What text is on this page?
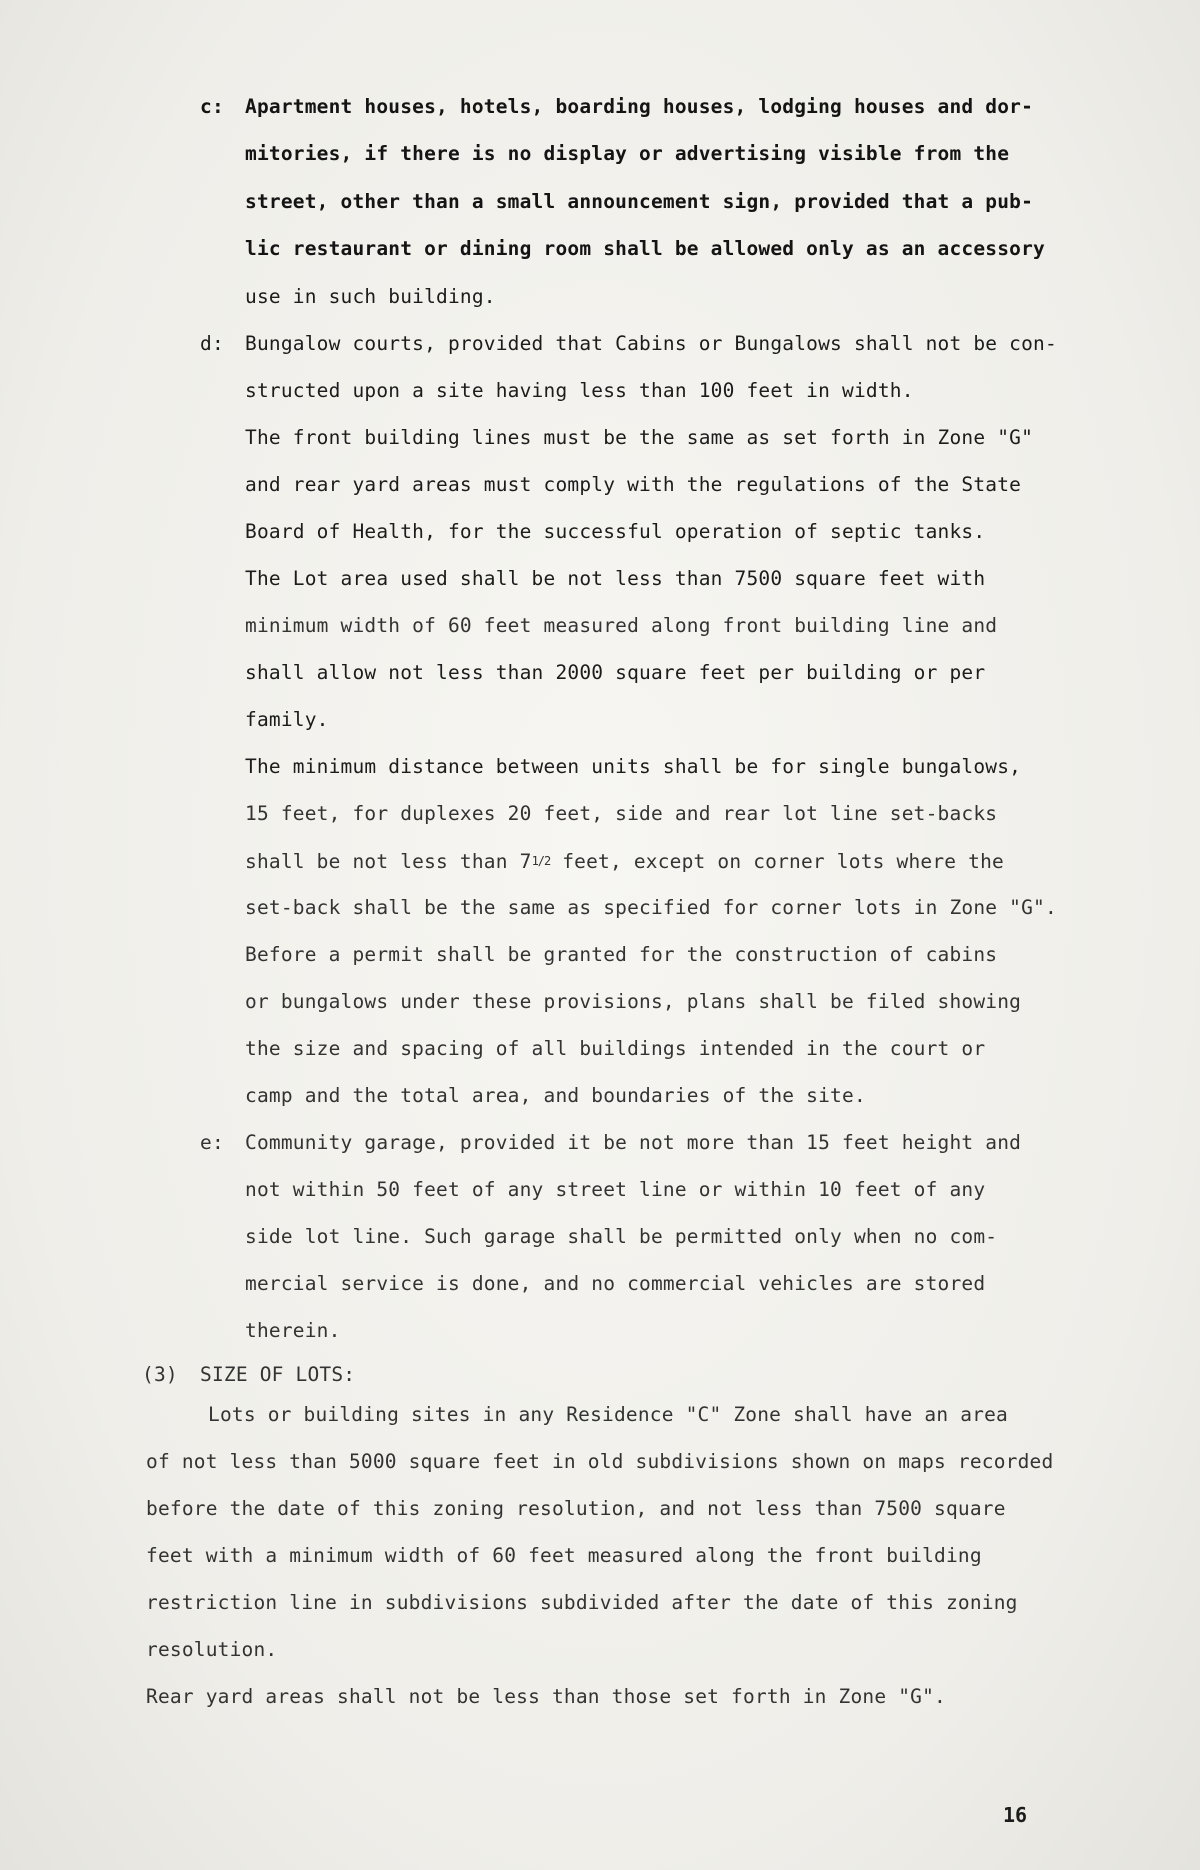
c: Apartment houses, hotels, boarding houses, lodging houses and dor-
mitories, if there is no display or advertising visible from the
street, other than a small announcement sign, provided that a pub-
lic restaurant or dining room shall be allowed only as an accessory
use in such building.
d: Bungalow courts, provided that Cabins or Bungalows shall not be con-
structed upon a site having less than 100 feet in width.
The front building lines must be the same as set forth in Zone "G"
and rear yard areas must comply with the regulations of the State
Board of Health, for the successful operation of septic tanks.
The Lot area used shall be not less than 7500 square feet with
minimum width of 60 feet measured along front building line and
shall allow not less than 2000 square feet per building or per
family.
The minimum distance between units shall be for single bungalows,
15 feet, for duplexes 20 feet, side and rear lot line set-backs
shall be not less than 71/2 feet, except on corner lots where the
set-back shall be the same as specified for corner lots in Zone "G".
Before a permit shall be granted for the construction of cabins
or bungalows under these provisions, plans shall be filed showing
the size and spacing of all buildings intended in the court or
camp and the total area, and boundaries of the site.
e: Community garage, provided it be not more than 15 feet height and
not within 50 feet of any street line or within 10 feet of any
side lot line. Such garage shall be permitted only when no com-
mercial service is done, and no commercial vehicles are stored
therein.
(3) SIZE OF LOTS:
Lots or building sites in any Residence "C" Zone shall have an area
of not less than 5000 square feet in old subdivisions shown on maps recorded
before the date of this zoning resolution, and not less than 7500 square
feet with a minimum width of 60 feet measured along the front building
restriction line in subdivisions subdivided after the date of this zoning
resolution.
Rear yard areas shall not be less than those set forth in Zone "G".
16
